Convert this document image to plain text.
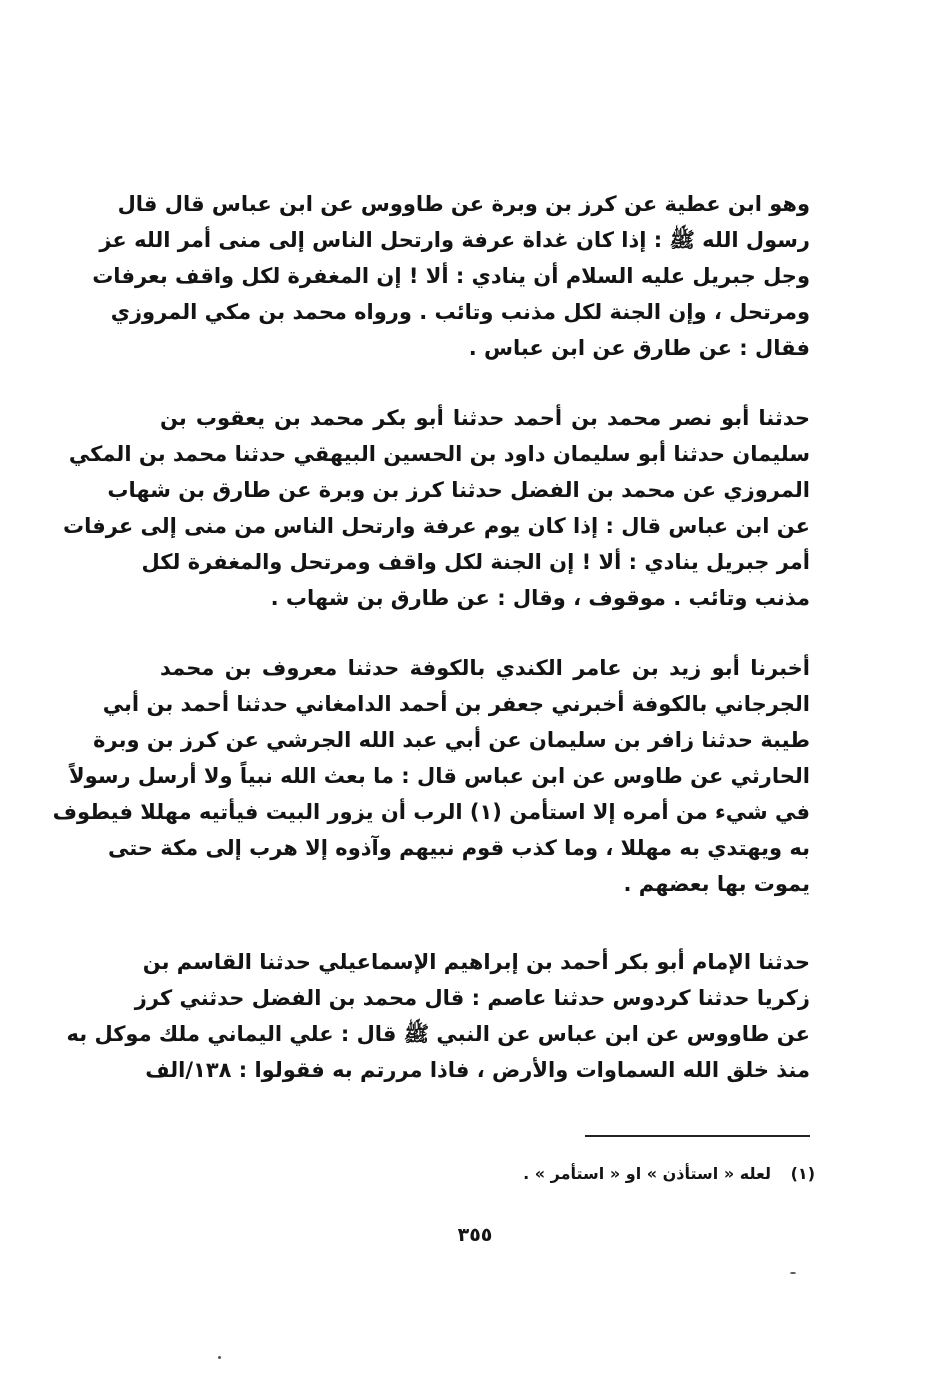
وهو ابن عطية عن كرز بن وبرة عن طاووس عن ابن عباس قال قال
رسول الله ﷺ : إذا كان غداة عرفة وارتحل الناس إلى منى أمر الله عز
وجل جبريل عليه السلام أن ينادي : ألا ! إن المغفرة لكل واقف بعرفات
ومرتحل ، وإن الجنة لكل مذنب وتائب . ورواه محمد بن مكي المروزي
فقال : عن طارق عن ابن عباس .
حدثنا أبو نصر محمد بن أحمد حدثنا أبو بكر محمد بن يعقوب بن
سليمان حدثنا أبو سليمان داود بن الحسين البيهقي حدثنا محمد بن المكي
المروزي عن محمد بن الفضل حدثنا كرز بن وبرة عن طارق بن شهاب
عن ابن عباس قال : إذا كان يوم عرفة وارتحل الناس من منى إلى عرفات
أمر جبريل ينادي : ألا ! إن الجنة لكل واقف ومرتحل والمغفرة لكل
مذنب وتائب . موقوف ، وقال : عن طارق بن شهاب .
أخبرنا أبو زيد بن عامر الكندي بالكوفة حدثنا معروف بن محمد
الجرجاني بالكوفة أخبرني جعفر بن أحمد الدامغاني حدثنا أحمد بن أبي
طيبة حدثنا زافر بن سليمان عن أبي عبد الله الجرشي عن كرز بن وبرة
الحارثي عن طاوس عن ابن عباس قال : ما بعث الله نبياً ولا أرسل رسولاً
في شيء من أمره إلا استأمن (١) الرب أن يزور البيت فيأتيه مهللا فيطوف
به ويهتدي به مهللا ، وما كذب قوم نبيهم وآذوه إلا هرب إلى مكة حتى
يموت بها بعضهم .
حدثنا الإمام أبو بكر أحمد بن إبراهيم الإسماعيلي حدثنا القاسم بن
زكريا حدثنا كردوس حدثنا عاصم : قال محمد بن الفضل حدثني كرز
عن طاووس عن ابن عباس عن النبي ﷺ قال : علي اليماني ملك موكل به
منذ خلق الله السماوات والأرض ، فاذا مررتم به فقولوا : ١٣٨/الف
(١) لعله « استأذن » او « استأمر » .
٣٥٥
